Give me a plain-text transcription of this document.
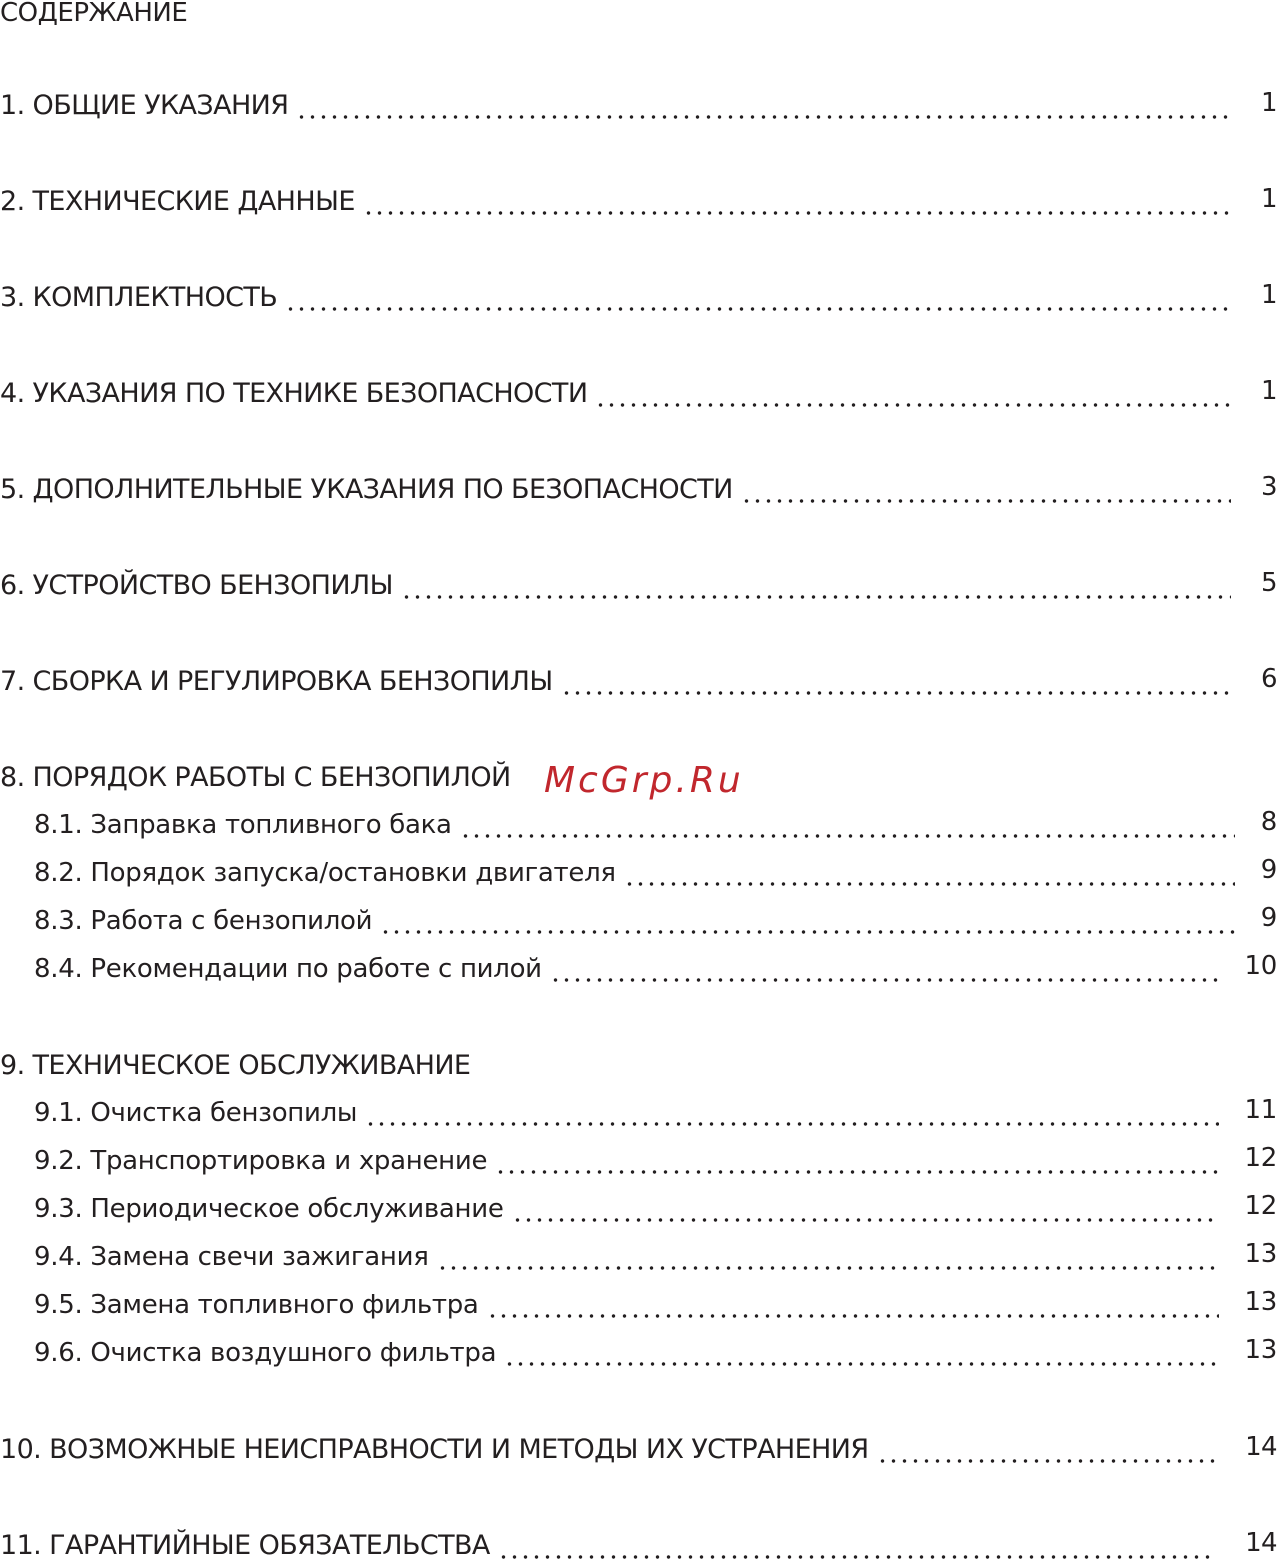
СОДЕРЖАНИЕ
1. ОБЩИЕ УКАЗАНИЯ	1
2. ТЕХНИЧЕСКИЕ ДАННЫЕ	1
3. КОМПЛЕКТНОСТЬ	1
4. УКАЗАНИЯ ПО ТЕХНИКЕ БЕЗОПАСНОСТИ	1
5. ДОПОЛНИТЕЛЬНЫЕ УКАЗАНИЯ ПО БЕЗОПАСНОСТИ	3
6. УСТРОЙСТВО БЕНЗОПИЛЫ	5
7. СБОРКА И РЕГУЛИРОВКА БЕНЗОПИЛЫ	6
8. ПОРЯДОК РАБОТЫ С БЕНЗОПИЛОЙ McGrp.Ru
8.1. Заправка топливного бака	8
8.2. Порядок запуска/остановки двигателя	9
8.3. Работа с бензопилой	9
8.4. Рекомендации по работе с пилой	10
9. ТЕХНИЧЕСКОЕ ОБСЛУЖИВАНИЕ
9.1. Очистка бензопилы	11
9.2. Транспортировка и хранение	12
9.3. Периодическое обслуживание	12
9.4. Замена свечи зажигания	13
9.5. Замена топливного фильтра	13
9.6. Очистка воздушного фильтра	13
10. ВОЗМОЖНЫЕ НЕИСПРАВНОСТИ И МЕТОДЫ ИХ УСТРАНЕНИЯ	14
11. ГАРАНТИЙНЫЕ ОБЯЗАТЕЛЬСТВА	14
